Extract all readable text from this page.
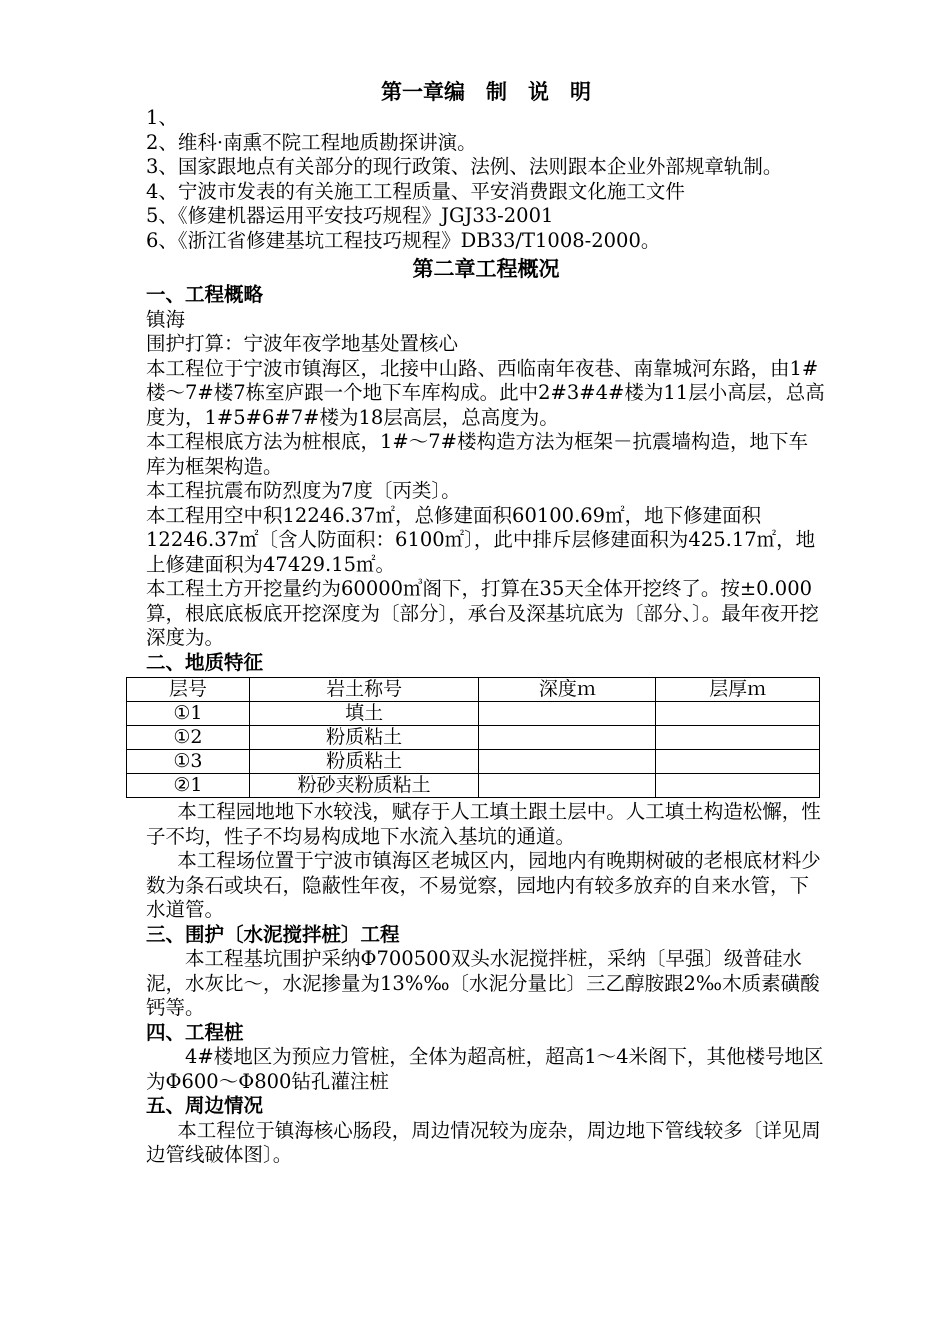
第一章编　制　说　明
1、
2、维科·南熏不院工程地质勘探讲演。
3、国家跟地点有关部分的现行政策、法例、法则跟本企业外部规章轨制。
4、宁波市发表的有关施工工程质量、平安消费跟文化施工文件
5、《修建机器运用平安技巧规程》JGJ33-2001
6、《浙江省修建基坑工程技巧规程》DB33/T1008-2000。
第二章工程概况
一、工程概略
镇海
围护打算：宁波年夜学地基处置核心
本工程位于宁波市镇海区，北接中山路、西临南年夜巷、南靠城河东路，由1#楼～7#楼7栋室庐跟一个地下车库构成。此中2#3#4#楼为11层小高层，总高度为，1#5#6#7#楼为18层高层，总高度为。
本工程根底方法为桩根底，1#～7#楼构造方法为框架－抗震墙构造，地下车库为框架构造。
本工程抗震布防烈度为7度〔丙类〕。
本工程用空中积12246.37㎡，总修建面积60100.69㎡，地下修建面积12246.37㎡〔含人防面积：6100㎡〕，此中排斥层修建面积为425.17㎡，地上修建面积为47429.15㎡。
本工程土方开挖量约为60000㎥阁下，打算在35天全体开挖终了。按±0.000算，根底底板底开挖深度为〔部分〕，承台及深基坑底为〔部分、〕。最年夜开挖深度为。
二、地质特征
层号	岩土称号	深度ｍ	层厚ｍ
①1	填土		
①2	粉质粘土		
①3	粉质粘土		
②1	粉砂夹粉质粘土		
本工程园地地下水较浅，赋存于人工填土跟土层中。人工填土构造松懈，性子不均，性子不均易构成地下水流入基坑的通道。
本工程场位置于宁波市镇海区老城区内，园地内有晚期树破的老根底材料少数为条石或块石，隐蔽性年夜，不易觉察，园地内有较多放弃的自来水管，下水道管。
三、围护〔水泥搅拌桩〕工程
本工程基坑围护采纳Φ700500双头水泥搅拌桩，采纳〔早强〕级普硅水泥，水灰比～，水泥掺量为13%‰〔水泥分量比〕三乙醇胺跟2‰木质素磺酸钙等。
四、工程桩
4#楼地区为预应力管桩，全体为超高桩，超高1～4米阁下，其他楼号地区为Φ600～Φ800钻孔灌注桩
五、周边情况
本工程位于镇海核心肠段，周边情况较为庞杂，周边地下管线较多〔详见周边管线破体图〕。
